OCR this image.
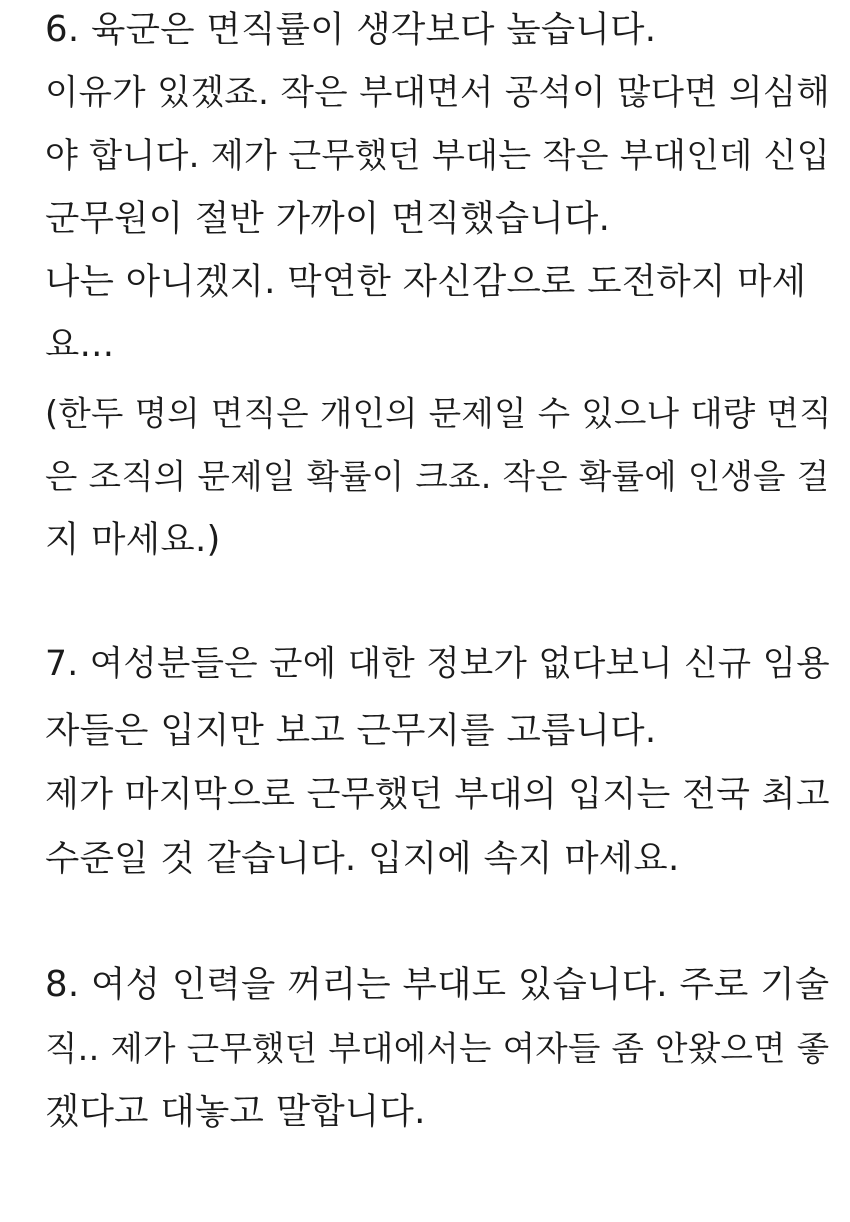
6. 육군은 면직률이 생각보다 높습니다.
이유가 있겠죠. 작은 부대면서 공석이 많다면 의심해
야 합니다. 제가 근무했던 부대는 작은 부대인데 신입
군무원이 절반 가까이 면직했습니다.
나는 아니겠지. 막연한 자신감으로 도전하지 마세
요...
(한두 명의 면직은 개인의 문제일 수 있으나 대량 면직
은 조직의 문제일 확률이 크죠. 작은 확률에 인생을 걸
지 마세요.)
7. 여성분들은 군에 대한 정보가 없다보니 신규 임용
자들은 입지만 보고 근무지를 고릅니다.
제가 마지막으로 근무했던 부대의 입지는 전국 최고
수준일 것 같습니다. 입지에 속지 마세요.
8. 여성 인력을 꺼리는 부대도 있습니다. 주로 기술
직.. 제가 근무했던 부대에서는 여자들 좀 안왔으면 좋
겠다고 대놓고 말합니다.
